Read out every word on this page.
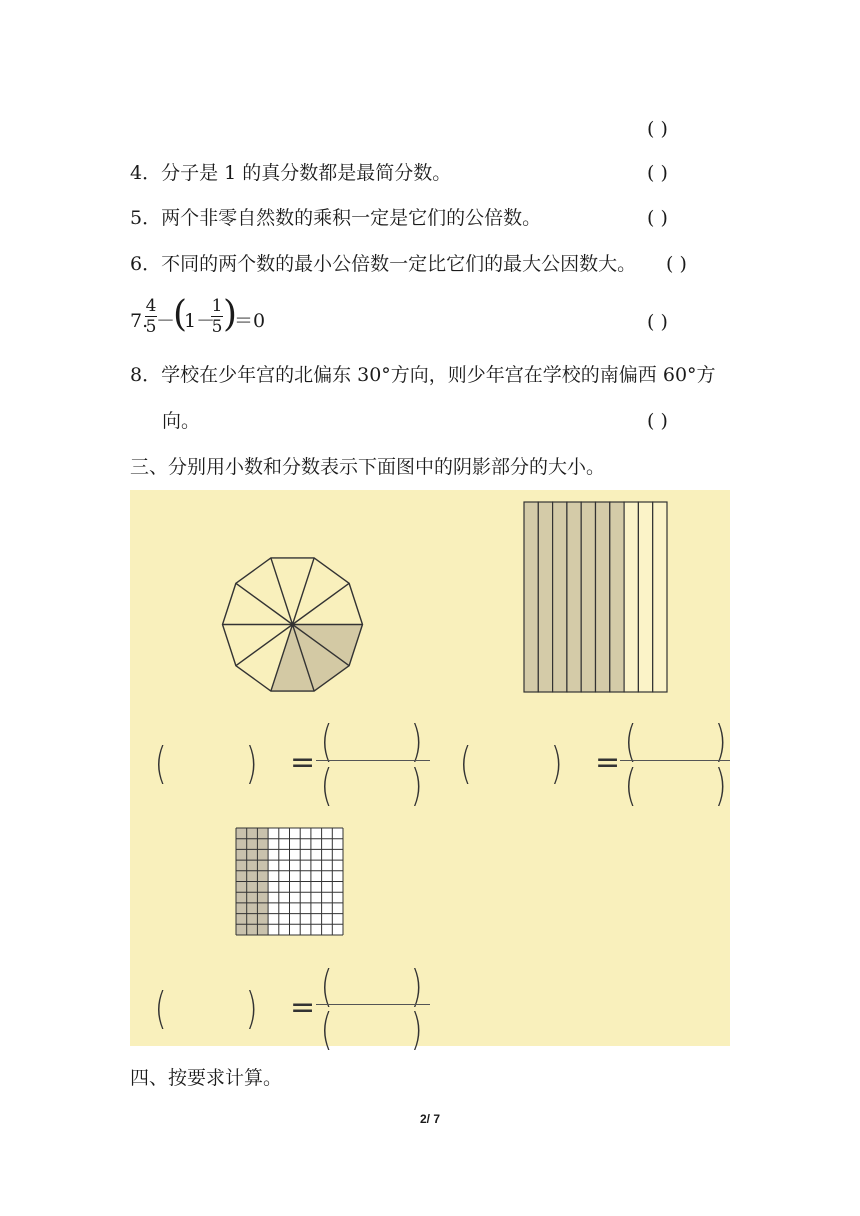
( )
4．分子是 1 的真分数都是最简分数。	( )
5．两个非零自然数的乘积一定是它们的公倍数。	( )
6．不同的两个数的最小公倍数一定比它们的最大公因数大。 ( )
7.
4
5 －
(
1－
1
5 )
＝0	( )
8．学校在少年宫的北偏东 30°方向，则少年宫在学校的南偏西 60°方
向。	( )
三、分别用小数和分数表示下面图中的阴影部分的大小。
( ) = ( )
( ) ( ) = ( )
( )
( ) = ( )
( )
四、按要求计算。
2/ 7
